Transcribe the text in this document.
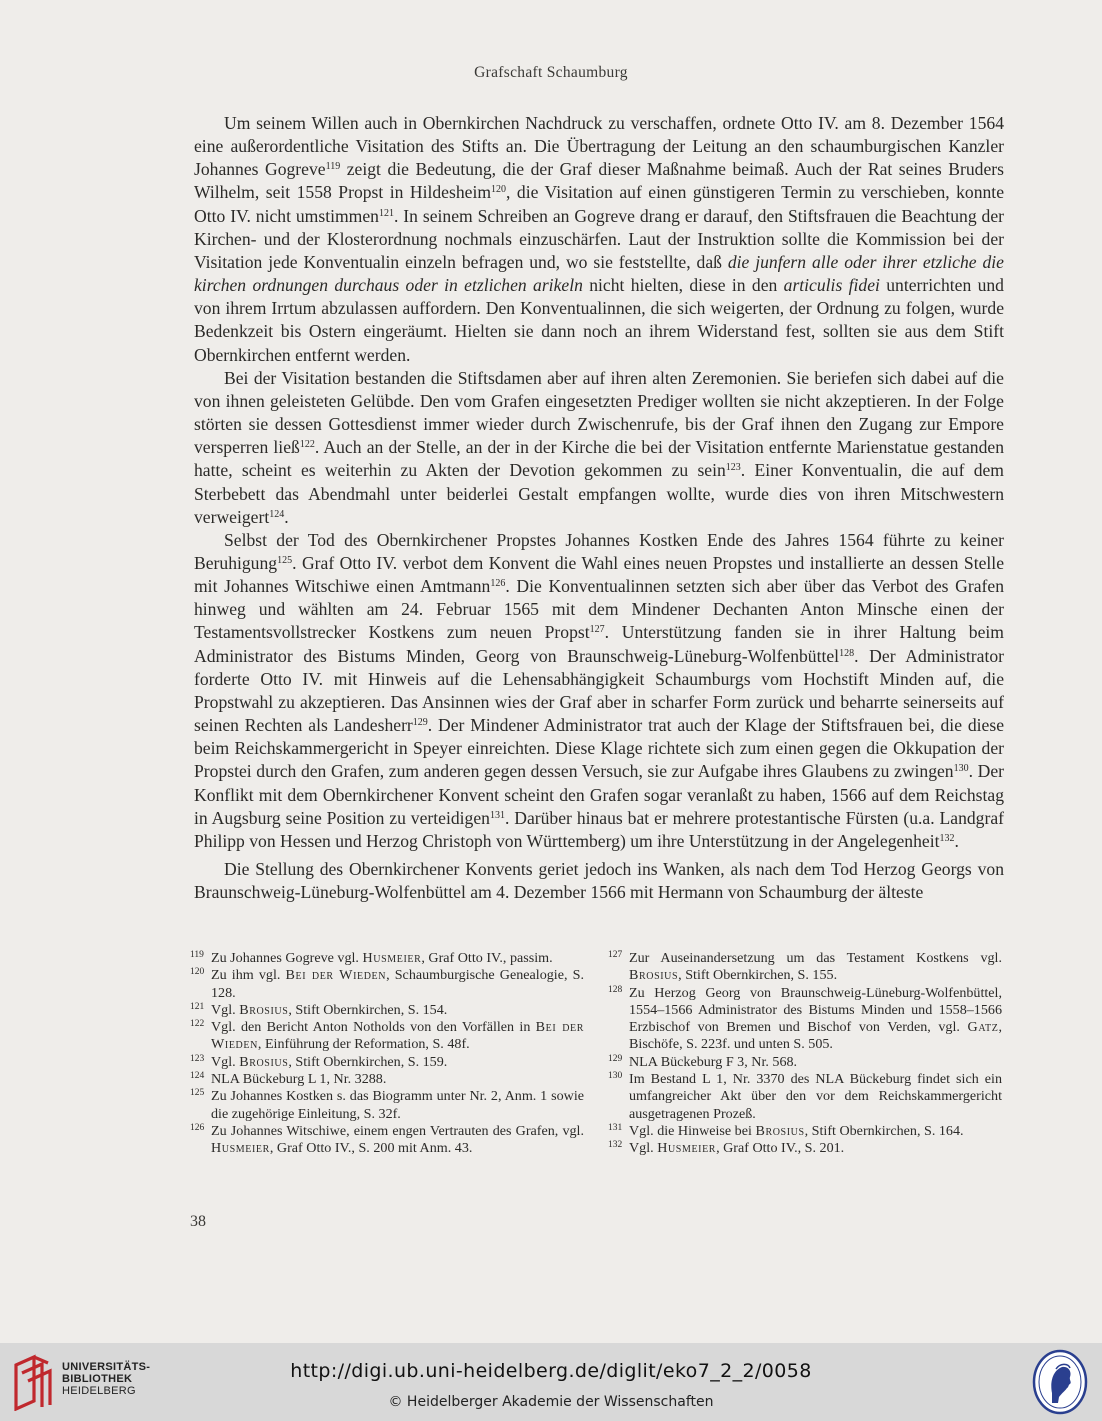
Grafschaft Schaumburg

Um seinem Willen auch in Obernkirchen Nachdruck zu verschaffen, ordnete Otto IV. am 8. Dezember 1564 eine außerordentliche Visitation des Stifts an. Die Übertragung der Leitung an den schaumburgischen Kanzler Johannes Gogreve$^{119}$ zeigt die Bedeutung, die der Graf dieser Maßnahme beimaß. Auch der Rat seines Bruders Wilhelm, seit 1558 Propst in Hildesheim$^{120}$, die Visitation auf einen günstigeren Termin zu verschieben, konnte Otto IV. nicht umstimmen$^{121}$. In seinem Schreiben an Gogreve drang er darauf, den Stiftsfrauen die Beachtung der Kirchen- und der Klosterordnung nochmals einzuschärfen. Laut der Instruktion sollte die Kommission bei der Visitation jede Konventualin einzeln befragen und, wo sie feststellte, daß die junfern alle oder ihrer etzliche die kirchen ordnungen durchaus oder in etzlichen arikeln nicht hielten, diese in den articulis fidei unterrichten und von ihrem Irrtum abzulassen auffordern. Den Konventualinnen, die sich weigerten, der Ordnung zu folgen, wurde Bedenkzeit bis Ostern eingeräumt. Hielten sie dann noch an ihrem Widerstand fest, sollten sie aus dem Stift Obernkirchen entfernt werden.

Bei der Visitation bestanden die Stiftsdamen aber auf ihren alten Zeremonien. Sie beriefen sich dabei auf die von ihnen geleisteten Gelübde. Den vom Grafen eingesetzten Prediger wollten sie nicht akzeptieren. In der Folge störten sie dessen Gottesdienst immer wieder durch Zwischenrufe, bis der Graf ihnen den Zugang zur Empore versperren ließ$^{122}$. Auch an der Stelle, an der in der Kirche die bei der Visitation entfernte Marienstatue gestanden hatte, scheint es weiterhin zu Akten der Devotion gekommen zu sein$^{123}$. Einer Konventualin, die auf dem Sterbebett das Abendmahl unter beiderlei Gestalt empfangen wollte, wurde dies von ihren Mitschwestern verweigert$^{124}$.

Selbst der Tod des Obernkirchener Propstes Johannes Kostken Ende des Jahres 1564 führte zu keiner Beruhigung$^{125}$. Graf Otto IV. verbot dem Konvent die Wahl eines neuen Propstes und installierte an dessen Stelle mit Johannes Witschiwe einen Amtmann$^{126}$. Die Konventualinnen setzten sich aber über das Verbot des Grafen hinweg und wählten am 24. Februar 1565 mit dem Mindener Dechanten Anton Minsche einen der Testamentsvollstrecker Kostkens zum neuen Propst$^{127}$. Unterstützung fanden sie in ihrer Haltung beim Administrator des Bistums Minden, Georg von Braunschweig-Lüneburg-Wolfenbüttel$^{128}$. Der Administrator forderte Otto IV. mit Hinweis auf die Lehensabhängigkeit Schaumburgs vom Hochstift Minden auf, die Propstwahl zu akzeptieren. Das Ansinnen wies der Graf aber in scharfer Form zurück und beharrte seinerseits auf seinen Rechten als Landesherr$^{129}$. Der Mindener Administrator trat auch der Klage der Stiftsfrauen bei, die diese beim Reichskammergericht in Speyer einreichten. Diese Klage richtete sich zum einen gegen die Okkupation der Propstei durch den Grafen, zum anderen gegen dessen Versuch, sie zur Aufgabe ihres Glaubens zu zwingen$^{130}$. Der Konflikt mit dem Obernkirchener Konvent scheint den Grafen sogar veranlaßt zu haben, 1566 auf dem Reichstag in Augsburg seine Position zu verteidigen$^{131}$. Darüber hinaus bat er mehrere protestantische Fürsten (u.a. Landgraf Philipp von Hessen und Herzog Christoph von Württemberg) um ihre Unterstützung in der Angelegenheit$^{132}$.

Die Stellung des Obernkirchener Konvents geriet jedoch ins Wanken, als nach dem Tod Herzog Georgs von Braunschweig-Lüneburg-Wolfenbüttel am 4. Dezember 1566 mit Hermann von Schaumburg der älteste

119 Zu Johannes Gogreve vgl. Husmeier, Graf Otto IV., passim.

120 Zu ihm vgl. Bei der Wieden, Schaumburgische Genealogie, S. 128.

121 Vgl. Brosius, Stift Obernkirchen, S. 154.

122 Vgl. den Bericht Anton Notholds von den Vorfällen in Bei der Wieden, Einführung der Reformation, S. 48f.

123 Vgl. Brosius, Stift Obernkirchen, S. 159.

124 NLA Bückeburg L 1, Nr. 3288.

125 Zu Johannes Kostken s. das Biogramm unter Nr. 2, Anm. 1 sowie die zugehörige Einleitung, S. 32f.

126 Zu Johannes Witschiwe, einem engen Vertrauten des Grafen, vgl. Husmeier, Graf Otto IV., S. 200 mit Anm. 43.

127 Zur Auseinandersetzung um das Testament Kostkens vgl. Brosius, Stift Obernkirchen, S. 155.

128 Zu Herzog Georg von Braunschweig-Lüneburg-Wolfenbüttel, 1554–1566 Administrator des Bistums Minden und 1558–1566 Erzbischof von Bremen und Bischof von Verden, vgl. Gatz, Bischöfe, S. 223f. und unten S. 505.

129 NLA Bückeburg F 3, Nr. 568.

130 Im Bestand L 1, Nr. 3370 des NLA Bückeburg findet sich ein umfangreicher Akt über den vor dem Reichskammergericht ausgetragenen Prozeß.

131 Vgl. die Hinweise bei Brosius, Stift Obernkirchen, S. 164.

132 Vgl. Husmeier, Graf Otto IV., S. 201.

38
UNIVERSITÄTS-
BIBLIOTHEK
HEIDELBERG
http://digi.ub.uni-heidelberg.de/diglit/eko7_2_2/0058
© Heidelberger Akademie der Wissenschaften
